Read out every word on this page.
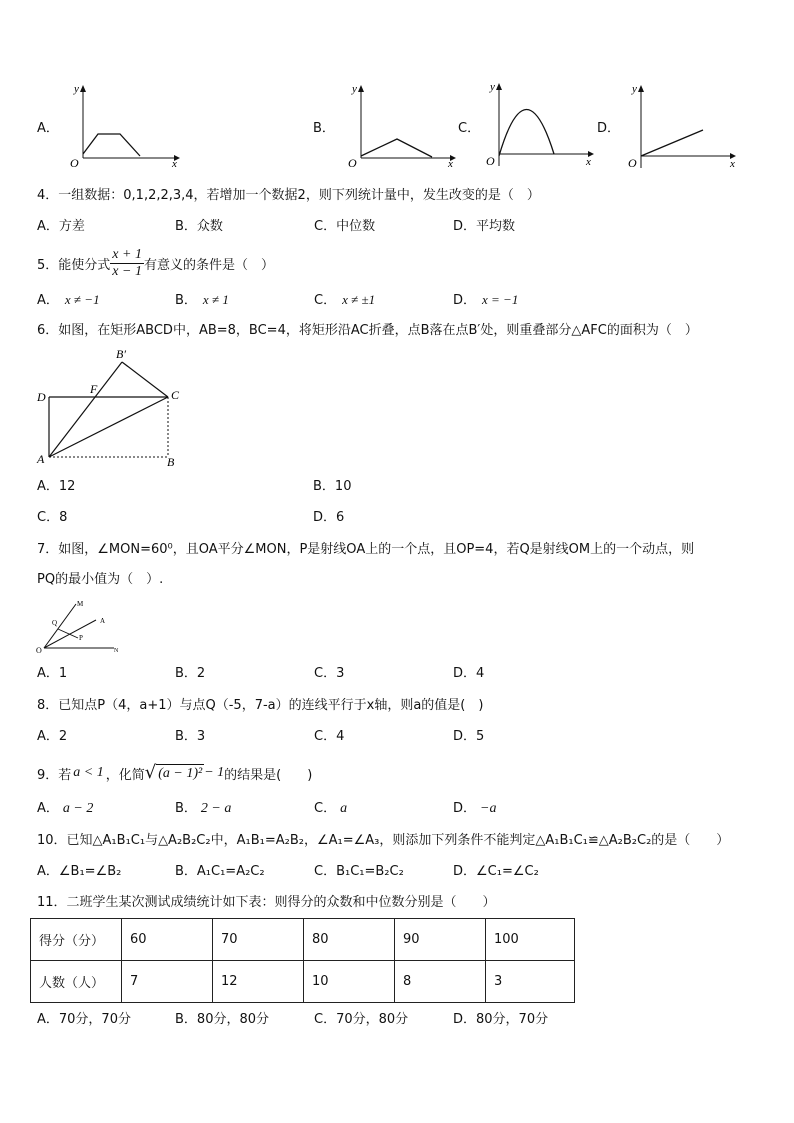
A．
y
O	x
B．
y
O	x
C．
y
O	x
D．
y
O	x
4．一组数据：0,1,2,2,3,4，若增加一个数据2，则下列统计量中，发生改变的是（　）
A．方差	B．众数	C．中位数	D．平均数
5．能使分式 $\frac{x + 1}{x - 1}$ 有意义的条件是（　）
A． x ≠ −1	B． x ≠ 1	C． x ≠ ±1	D． x = −1
6．如图，在矩形ABCD中，AB=8，BC=4，将矩形沿AC折叠，点B落在点B′处，则重叠部分△AFC的面积为（　）
B′
F
D	C
A	B
A．12	B．10
C．8	D．6
7．如图，∠MON=60⁰，且OA平分∠MON，P是射线OA上的一个点，且OP=4，若Q是射线OM上的一个动点，则
PQ的最小值为（　）.
M
Q	A
P
O	N
A．1	B．2	C．3	D．4
8．已知点P（4，a+1）与点Q（-5，7-a）的连线平行于x轴，则a的值是(　)
A．2	B．3	C．4	D．5
9．若 a < 1 ，化简 √ (a − 1)² − 1 的结果是(　　)
A． a − 2	B． 2 − a	C． a	D． −a
10．已知△A₁B₁C₁与△A₂B₂C₂中，A₁B₁=A₂B₂，∠A₁=∠A₃，则添加下列条件不能判定△A₁B₁C₁≌△A₂B₂C₂的是（　　）
A．∠B₁=∠B₂	B．A₁C₁=A₂C₂	C．B₁C₁=B₂C₂	D．∠C₁=∠C₂
11．二班学生某次测试成绩统计如下表：则得分的众数和中位数分别是（　　）
得分（分）	60	70	80	90	100
人数（人）	7	12	10	8	3
A．70分，70分	B．80分，80分	C．70分，80分	D．80分，70分
